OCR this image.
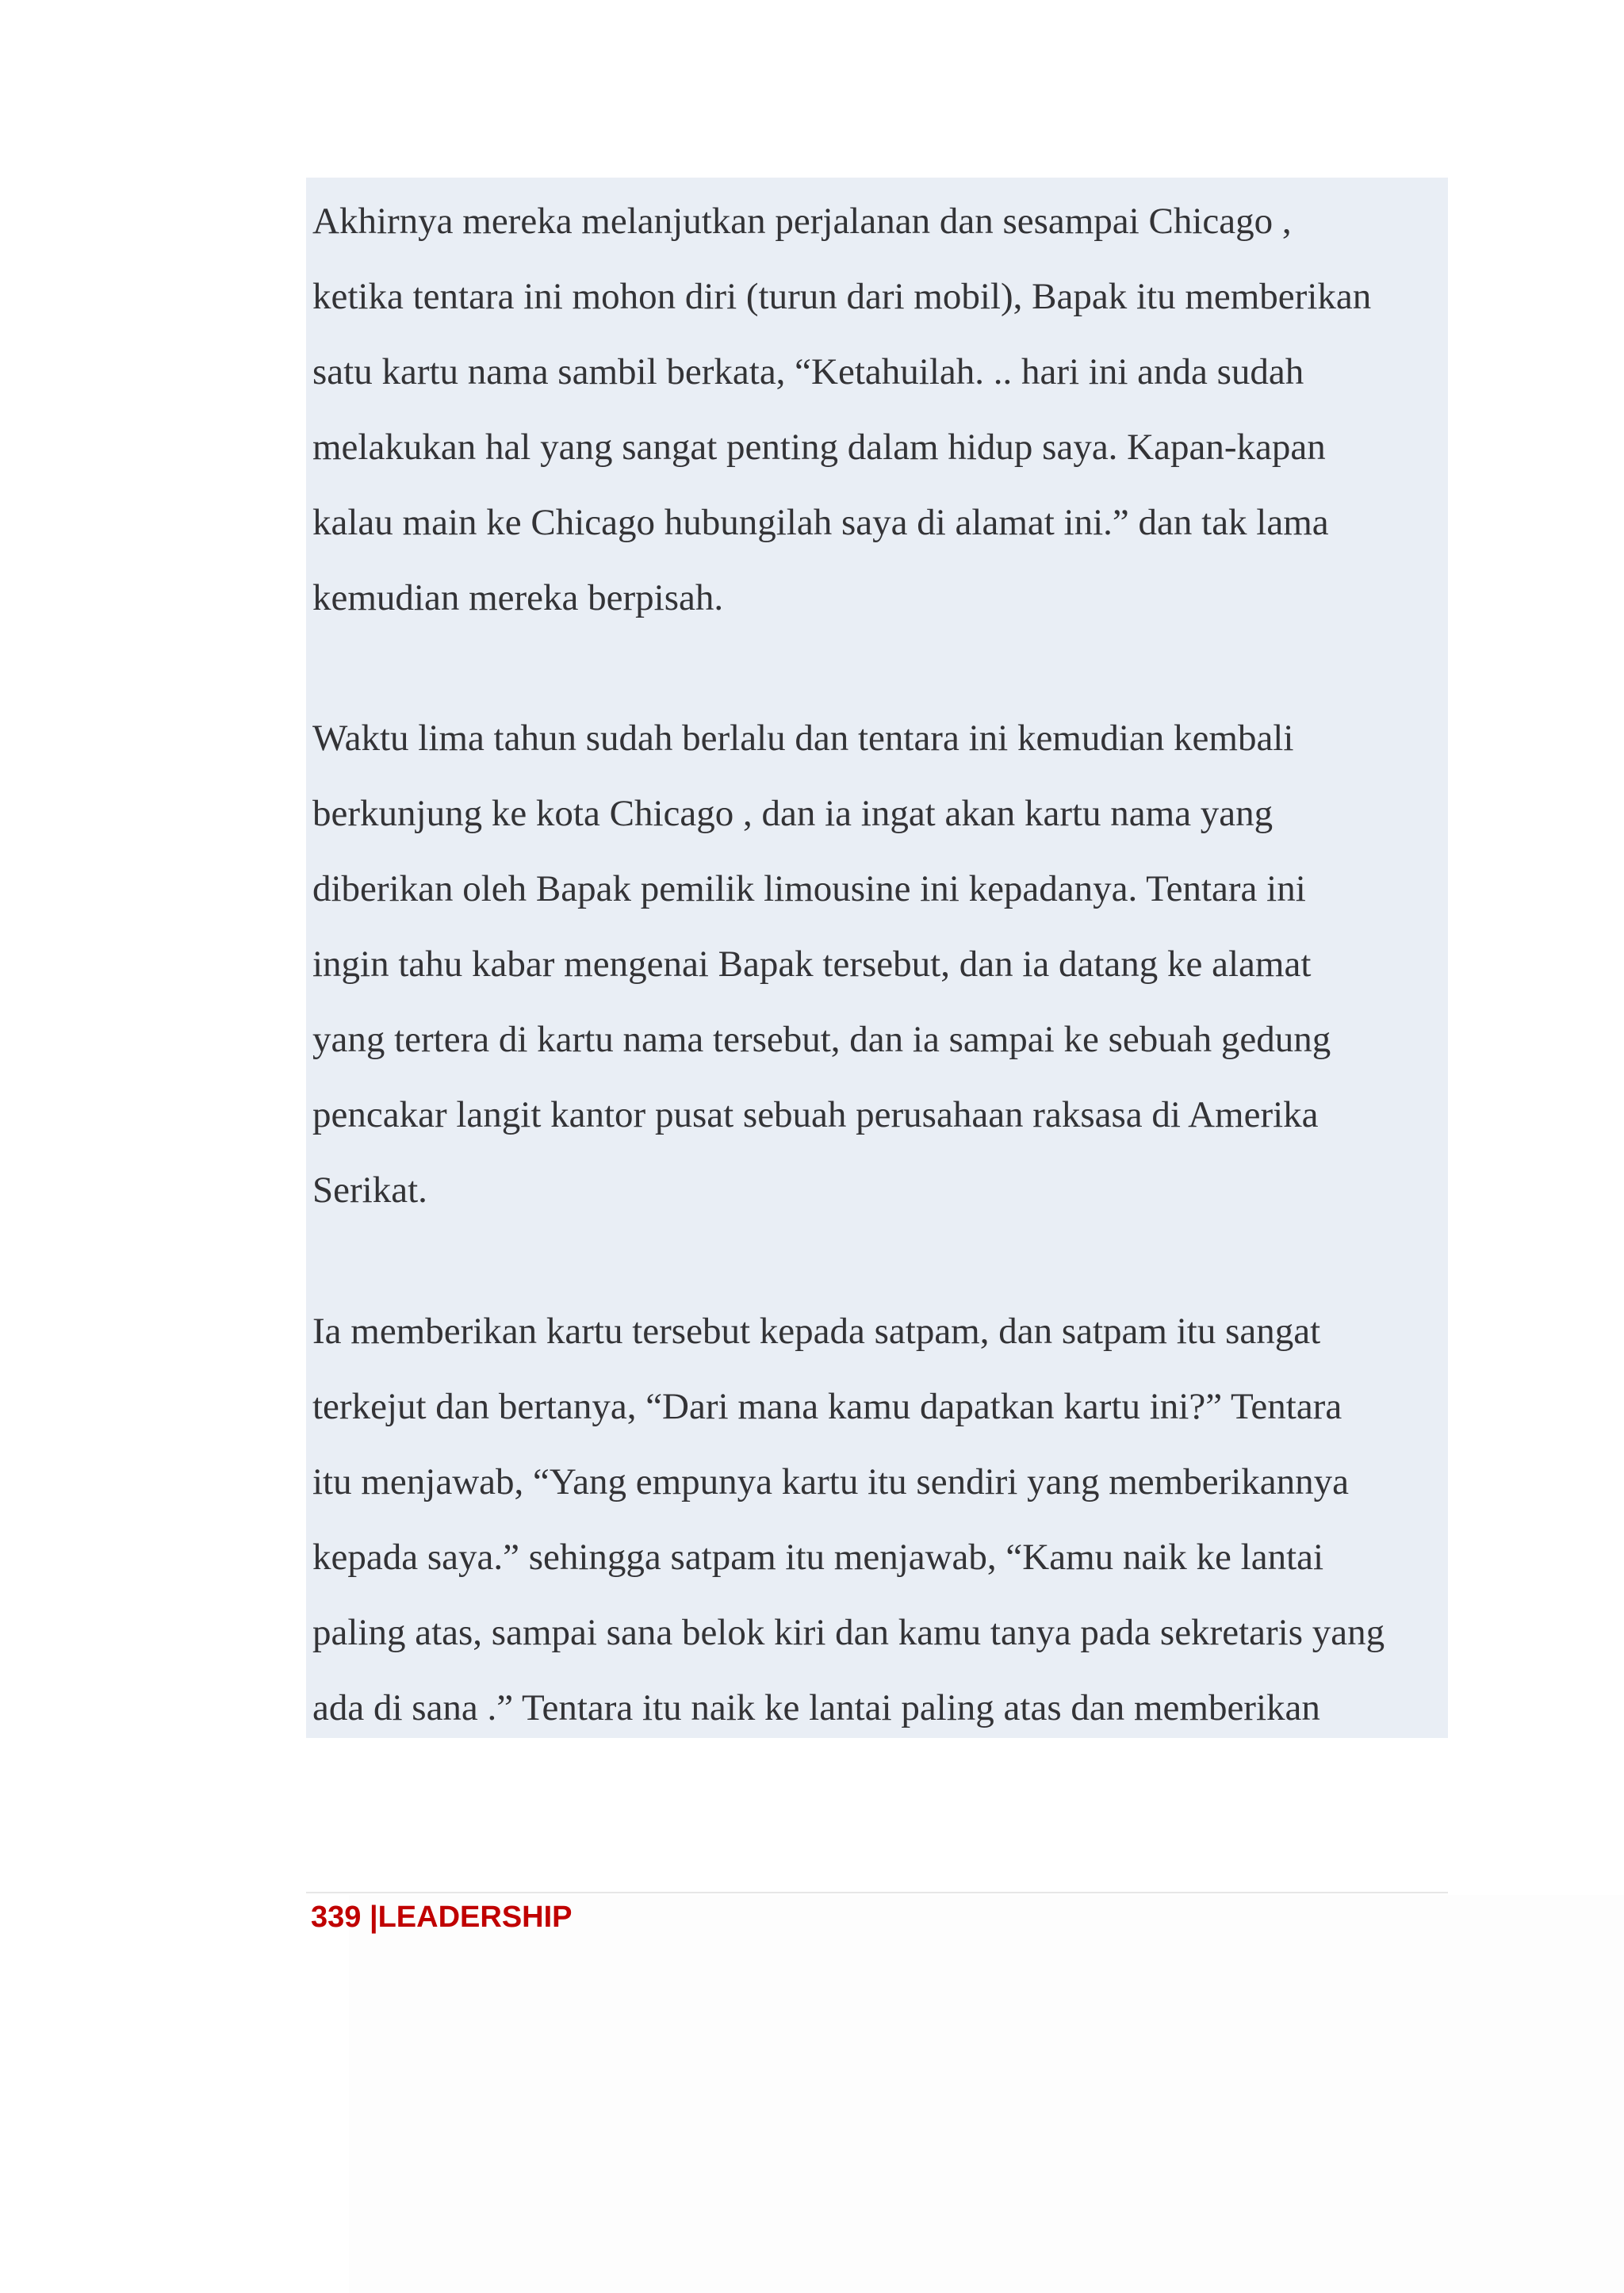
Akhirnya mereka melanjutkan perjalanan dan sesampai Chicago ,
ketika tentara ini mohon diri (turun dari mobil), Bapak itu memberikan
satu kartu nama sambil berkata, “Ketahuilah. .. hari ini anda sudah
melakukan hal yang sangat penting dalam hidup saya. Kapan-kapan
kalau main ke Chicago hubungilah saya di alamat ini.” dan tak lama
kemudian mereka berpisah.

Waktu lima tahun sudah berlalu dan tentara ini kemudian kembali
berkunjung ke kota Chicago , dan ia ingat akan kartu nama yang
diberikan oleh Bapak pemilik limousine ini kepadanya. Tentara ini
ingin tahu kabar mengenai Bapak tersebut, dan ia datang ke alamat
yang tertera di kartu nama tersebut, dan ia sampai ke sebuah gedung
pencakar langit kantor pusat sebuah perusahaan raksasa di Amerika
Serikat.

Ia memberikan kartu tersebut kepada satpam, dan satpam itu sangat
terkejut dan bertanya, “Dari mana kamu dapatkan kartu ini?” Tentara
itu menjawab, “Yang empunya kartu itu sendiri yang memberikannya
kepada saya.” sehingga satpam itu menjawab, “Kamu naik ke lantai
paling atas, sampai sana belok kiri dan kamu tanya pada sekretaris yang
ada di sana .” Tentara itu naik ke lantai paling atas dan memberikan

339 |LEADERSHIP
